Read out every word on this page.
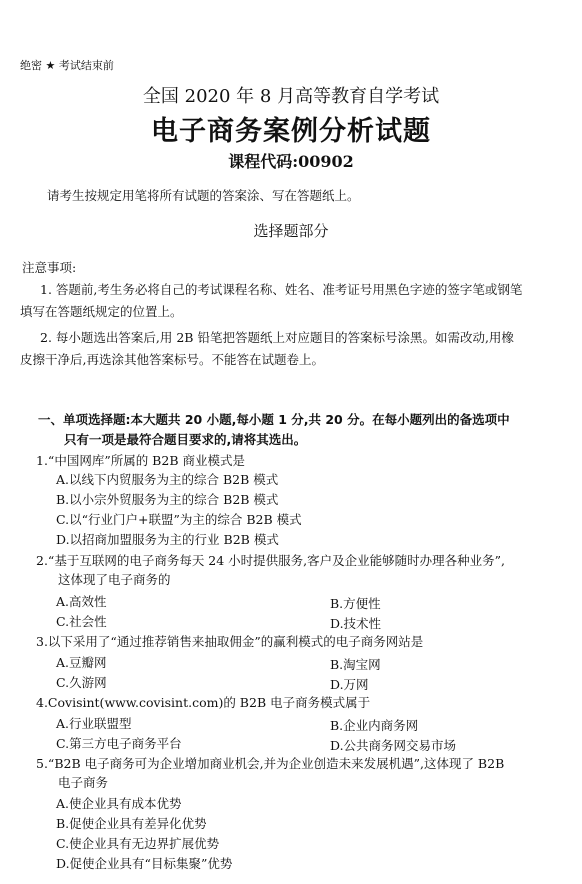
绝密 ★ 考试结束前
全国 2020 年 8 月高等教育自学考试
电子商务案例分析试题
课程代码:00902
请考生按规定用笔将所有试题的答案涂、写在答题纸上。
选择题部分
注意事项:
1. 答题前,考生务必将自己的考试课程名称、姓名、准考证号用黑色字迹的签字笔或钢笔
填写在答题纸规定的位置上。
2. 每小题选出答案后,用 2B 铅笔把答题纸上对应题目的答案标号涂黑。如需改动,用橡
皮擦干净后,再选涂其他答案标号。不能答在试题卷上。
一、单项选择题:本大题共 20 小题,每小题 1 分,共 20 分。在每小题列出的备选项中
只有一项是最符合题目要求的,请将其选出。
1.“中国网库”所属的 B2B 商业模式是
A.以线下内贸服务为主的综合 B2B 模式
B.以小宗外贸服务为主的综合 B2B 模式
C.以“行业门户+联盟”为主的综合 B2B 模式
D.以招商加盟服务为主的行业 B2B 模式
2.“基于互联网的电子商务每天 24 小时提供服务,客户及企业能够随时办理各种业务”,
这体现了电子商务的
A.高效性	B.方便性
C.社会性	D.技术性
3.以下采用了“通过推荐销售来抽取佣金”的赢利模式的电子商务网站是
A.豆瓣网	B.淘宝网
C.久游网	D.万网
4.Covisint(www.covisint.com)的 B2B 电子商务模式属于
A.行业联盟型	B.企业内商务网
C.第三方电子商务平台	D.公共商务网交易市场
5.“B2B 电子商务可为企业增加商业机会,并为企业创造未来发展机遇”,这体现了 B2B
电子商务
A.使企业具有成本优势
B.促使企业具有差异化优势
C.使企业具有无边界扩展优势
D.促使企业具有“目标集聚”优势
